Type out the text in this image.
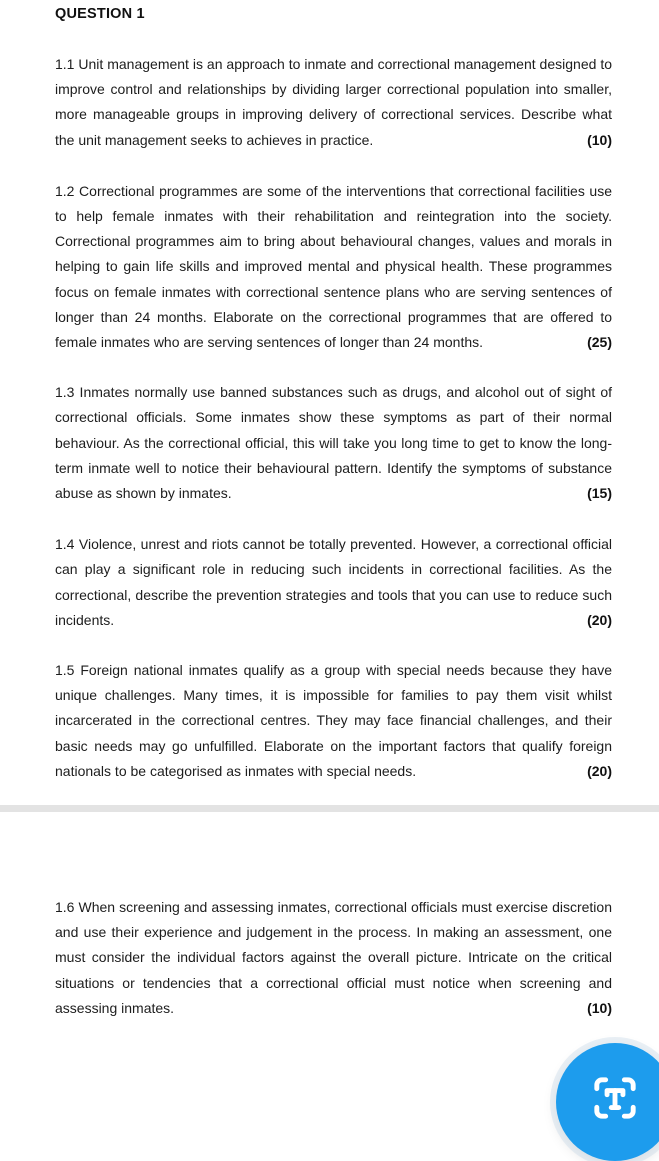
QUESTION 1

1.1 Unit management is an approach to inmate and correctional management designed to improve control and relationships by dividing larger correctional population into smaller, more manageable groups in improving delivery of correctional services. Describe what the unit management seeks to achieves in practice.	(10)

1.2 Correctional programmes are some of the interventions that correctional facilities use to help female inmates with their rehabilitation and reintegration into the society. Correctional programmes aim to bring about behavioural changes, values and morals in helping to gain life skills and improved mental and physical health. These programmes focus on female inmates with correctional sentence plans who are serving sentences of longer than 24 months. Elaborate on the correctional programmes that are offered to female inmates who are serving sentences of longer than 24 months.	(25)

1.3 Inmates normally use banned substances such as drugs, and alcohol out of sight of correctional officials. Some inmates show these symptoms as part of their normal behaviour. As the correctional official, this will take you long time to get to know the long-term inmate well to notice their behavioural pattern. Identify the symptoms of substance abuse as shown by inmates.	(15)

1.4 Violence, unrest and riots cannot be totally prevented. However, a correctional official can play a significant role in reducing such incidents in correctional facilities. As the correctional, describe the prevention strategies and tools that you can use to reduce such incidents.	(20)

1.5 Foreign national inmates qualify as a group with special needs because they have unique challenges. Many times, it is impossible for families to pay them visit whilst incarcerated in the correctional centres. They may face financial challenges, and their basic needs may go unfulfilled. Elaborate on the important factors that qualify foreign nationals to be categorised as inmates with special needs.	(20)

1.6 When screening and assessing inmates, correctional officials must exercise discretion and use their experience and judgement in the process. In making an assessment, one must consider the individual factors against the overall picture. Intricate on the critical situations or tendencies that a correctional official must notice when screening and assessing inmates.	(10)
